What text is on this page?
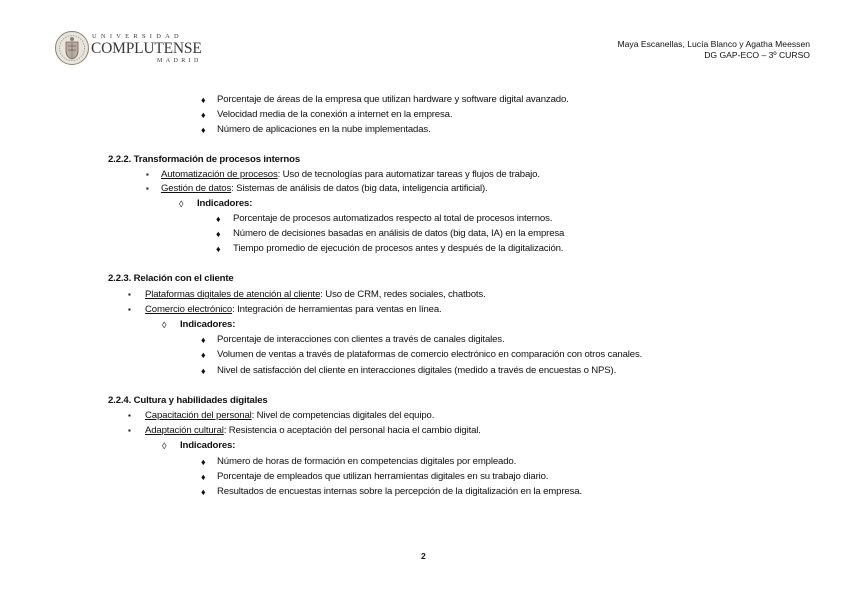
UNIVERSIDAD
COMPLUTENSE
MADRID
Maya Escanellas, Lucía Blanco y Agatha Meessen
DG GAP-ECO – 3º CURSO
♦ Porcentaje de áreas de la empresa que utilizan hardware y software digital avanzado.
♦ Velocidad media de la conexión a internet en la empresa.
♦ Número de aplicaciones en la nube implementadas.
2.2.2. Transformación de procesos internos
▪ Automatización de procesos: Uso de tecnologías para automatizar tareas y flujos de trabajo.
▪ Gestión de datos: Sistemas de análisis de datos (big data, inteligencia artificial).
◊ Indicadores:
♦ Porcentaje de procesos automatizados respecto al total de procesos internos.
♦ Número de decisiones basadas en análisis de datos (big data, IA) en la empresa
♦ Tiempo promedio de ejecución de procesos antes y después de la digitalización.
2.2.3. Relación con el cliente
▪ Plataformas digitales de atención al cliente: Uso de CRM, redes sociales, chatbots.
▪ Comercio electrónico: Integración de herramientas para ventas en línea.
◊ Indicadores:
♦ Porcentaje de interacciones con clientes a través de canales digitales.
♦ Volumen de ventas a través de plataformas de comercio electrónico en comparación con otros canales.
♦ Nivel de satisfacción del cliente en interacciones digitales (medido a través de encuestas o NPS).
2.2.4. Cultura y habilidades digitales
▪ Capacitación del personal: Nivel de competencias digitales del equipo.
▪ Adaptación cultural: Resistencia o aceptación del personal hacia el cambio digital.
◊ Indicadores:
♦ Número de horas de formación en competencias digitales por empleado.
♦ Porcentaje de empleados que utilizan herramientas digitales en su trabajo diario.
♦ Resultados de encuestas internas sobre la percepción de la digitalización en la empresa.
2
